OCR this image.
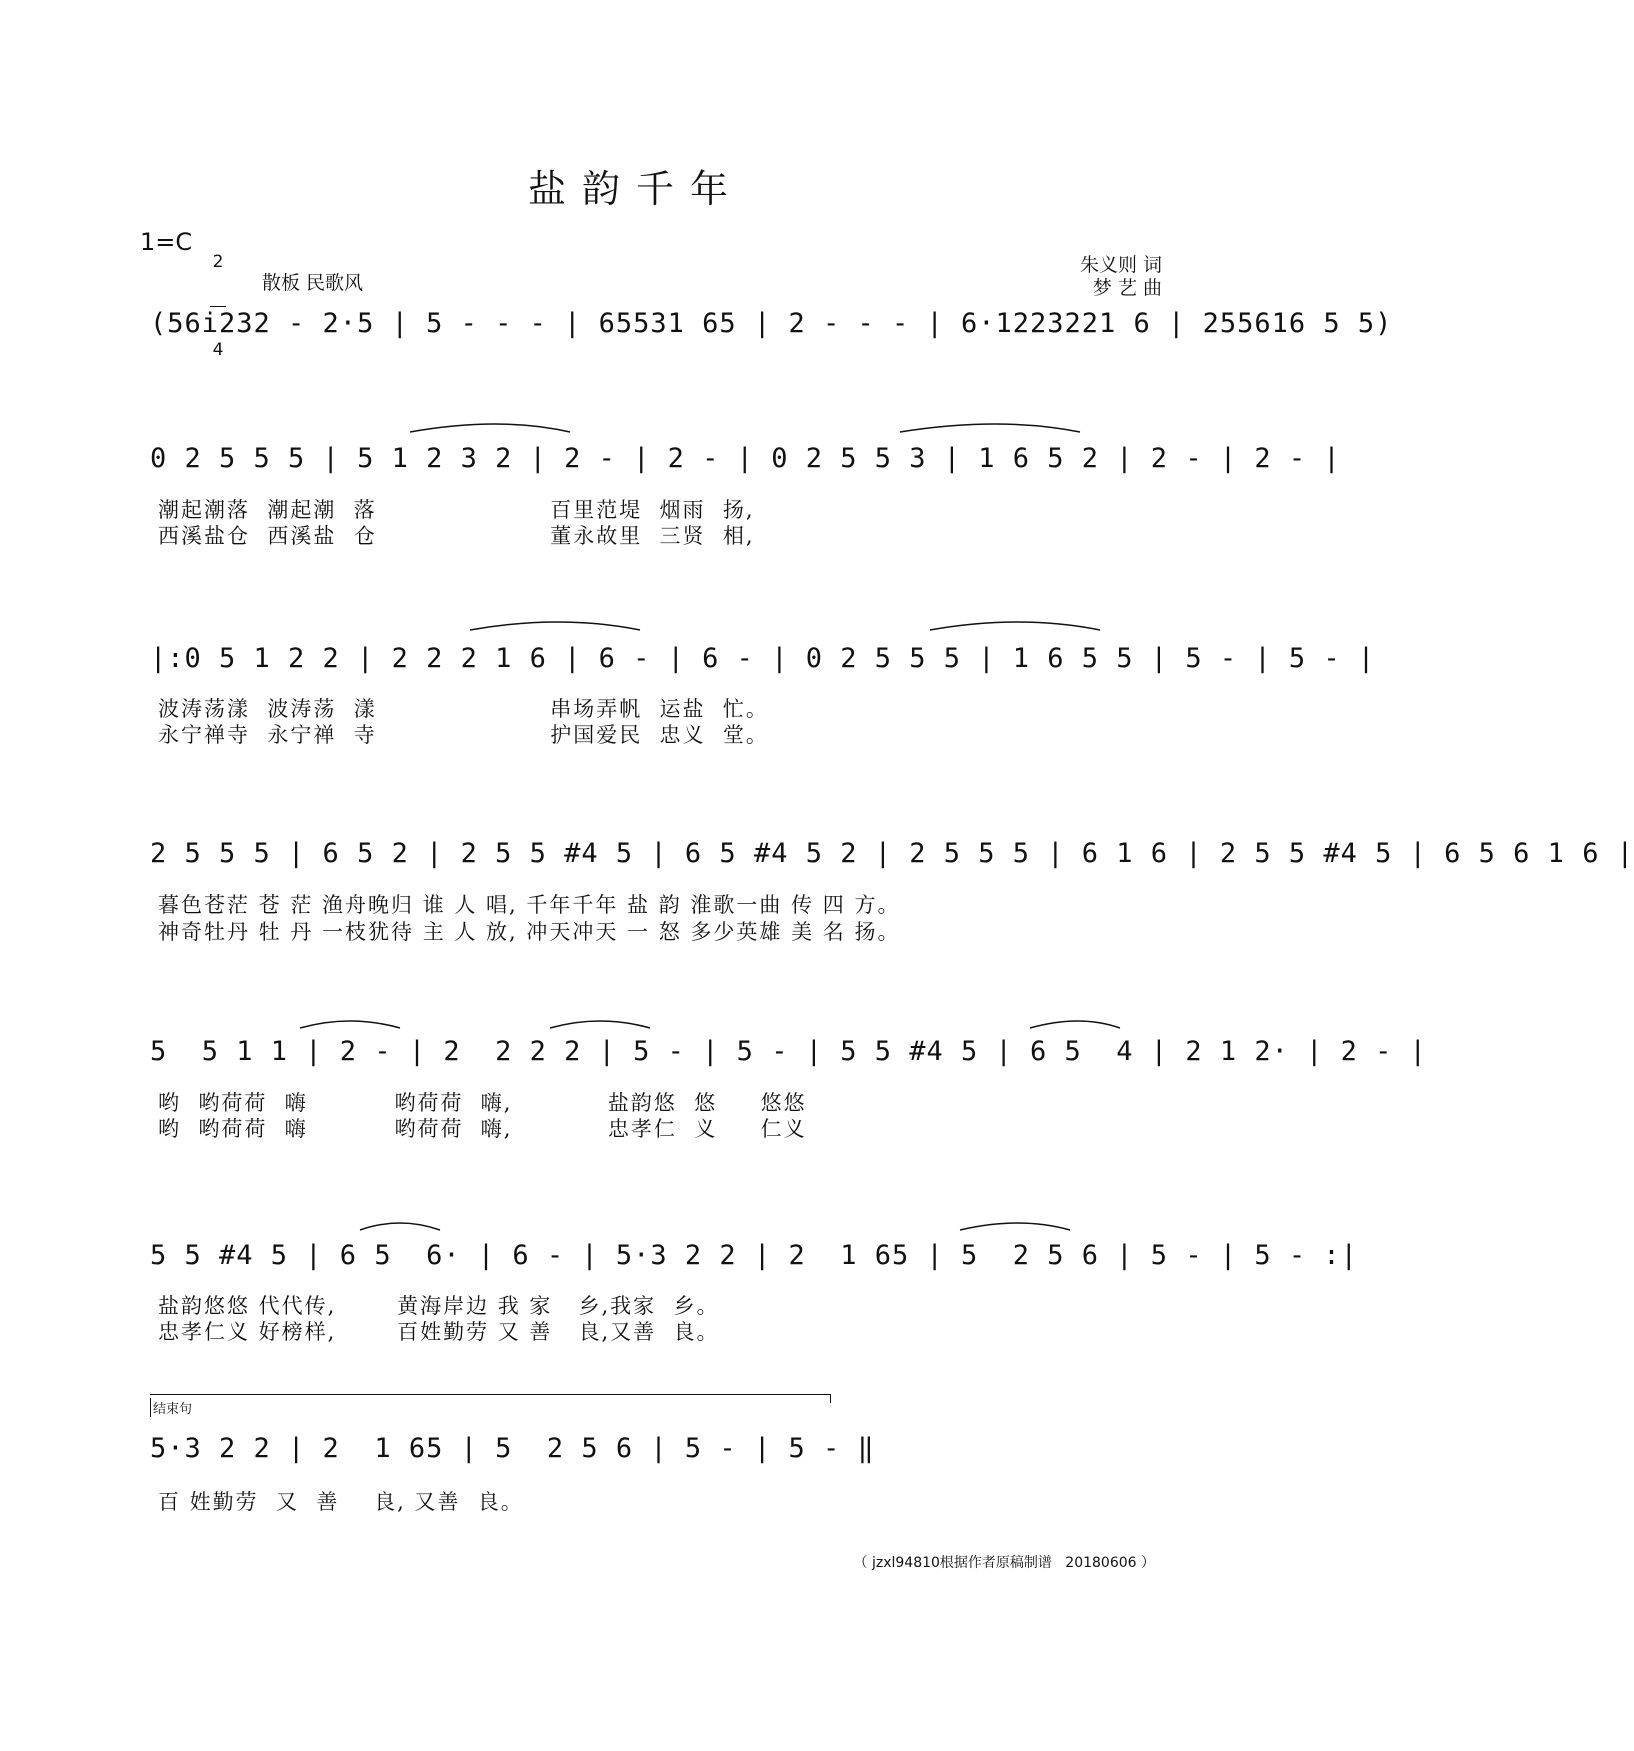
盐韵千年
1=C

2

4

散板 民歌风
朱义则 词
梦 艺 曲
(56i232 - 2·5 | 5 - - - | 65531 65 | 2 - - - | 6·1223221 6 | 255616 5 5)
0 2 5 5 5 | 5 1 2 3 2 | 2 - | 2 - | 0 2 5 5 3 | 1 6 5 2 | 2 - | 2 - |
潮起潮落  潮起潮  落                    百里范堤  烟雨  扬,
西溪盐仓  西溪盐  仓                    董永故里  三贤  相,
|:0 5 1 2 2 | 2 2 2 1 6 | 6 - | 6 - | 0 2 5 5 5 | 1 6 5 5 | 5 - | 5 - |
波涛荡漾  波涛荡  漾                    串场弄帆  运盐  忙。
永宁禅寺  永宁禅  寺                    护国爱民  忠义  堂。
2 5 5 5 | 6 5 2 | 2 5 5 #4 5 | 6 5 #4 5 2 | 2 5 5 5 | 6 1 6 | 2 5 5 #4 5 | 6 5 6 1 6 |
暮色苍茫 苍 茫 渔舟晚归 谁 人 唱, 千年千年 盐 韵 淮歌一曲 传 四 方。
神奇牡丹 牡 丹 一枝犹待 主 人 放, 冲天冲天 一 怒 多少英雄 美 名 扬。
5  5 1 1 | 2 - | 2  2 2 2 | 5 - | 5 - | 5 5 #4 5 | 6 5  4 | 2 1 2· | 2 - |
哟  哟荷荷  嗨          哟荷荷  嗨,           盐韵悠  悠     悠悠
哟  哟荷荷  嗨          哟荷荷  嗨,           忠孝仁  义     仁义
5 5 #4 5 | 6 5  6· | 6 - | 5·3 2 2 | 2  1 65 | 5  2 5 6 | 5 - | 5 - :|
盐韵悠悠 代代传,       黄海岸边 我 家   乡,我家  乡。
忠孝仁义 好榜样,       百姓勤劳 又 善   良,又善  良。
结束句
5·3 2 2 | 2  1 65 | 5  2 5 6 | 5 - | 5 - ‖
百 姓勤劳  又  善    良, 又善  良。
（ jzxl94810根据作者原稿制谱   20180606 ）
